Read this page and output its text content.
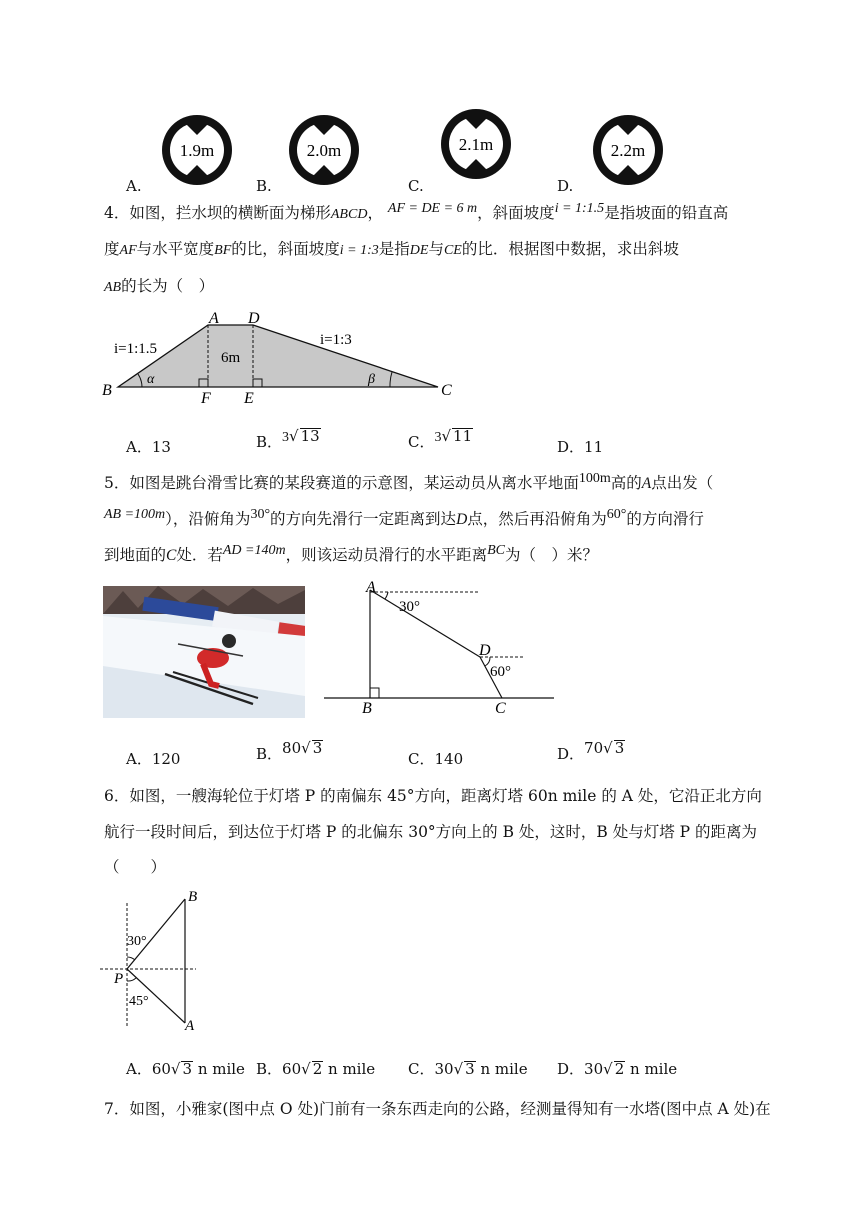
1.9m	2.0m	2.1m	2.2m
A.	B.	C.	D.
4．如图，拦水坝的横断面为梯形ABCD， AF = DE = 6 m，斜面坡度i = 1:1.5是指坡面的铅直高
度AF与水平宽度BF的比，斜面坡度i = 1:3是指DE与CE的比．根据图中数据，求出斜坡
AB的长为（　）
A D
B	C
F E
6m
i=1:1.5
i=1:3
α	β
A．13	B．3√ 13	C．3√ 11
D．11
5．如图是跳台滑雪比赛的某段赛道的示意图，某运动员从离水平地面100m高的A点出发（
AB =100m），沿俯角为30°的方向先滑行一定距离到达D点，然后再沿俯角为60°的方向滑行
到地面的C处．若AD =140m，则该运动员滑行的水平距离BC为（　）米？
A
B	C
D
30°
60°
A．120	B．80√ 3
C．140	D．70√ 3
6．如图，一艘海轮位于灯塔 P 的南偏东 45°方向，距离灯塔 60n mile 的 A 处，它沿正北方向
航行一段时间后，到达位于灯塔 P 的北偏东 30°方向上的 B 处，这时，B 处与灯塔 P 的距离为
（　　）
B
P
A
30°
45°
A．60√ 3 n mile B．60√ 2 n mile C．30√ 3 n mile D．30√ 2 n mile
7．如图，小雅家(图中点 O 处)门前有一条东西走向的公路，经测量得知有一水塔(图中点 A 处)在
